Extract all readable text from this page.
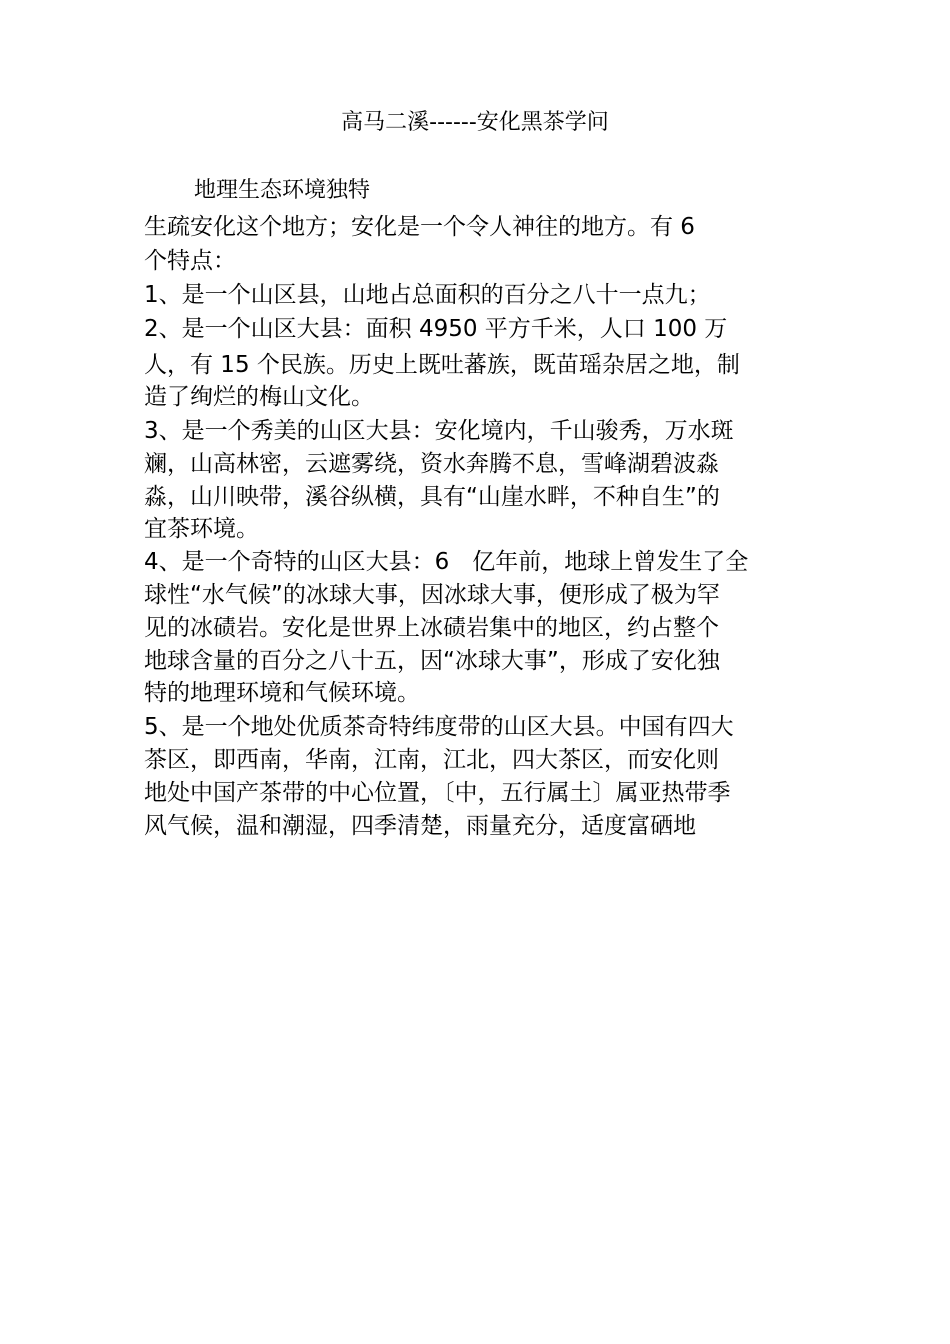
高马二溪------安化黑茶学问
地理生态环境独特
生疏安化这个地方；安化是一个令人神往的地方。有 6
个特点：
1、是一个山区县，山地占总面积的百分之八十一点九；
2、是一个山区大县：面积 4950 平方千米，人口 100 万
人，有 15 个民族。历史上既吐蕃族，既苗瑶杂居之地，制
造了绚烂的梅山文化。
3、是一个秀美的山区大县：安化境内，千山骏秀，万水斑
斓，山高林密，云遮雾绕，资水奔腾不息，雪峰湖碧波淼
淼，山川映带，溪谷纵横，具有“山崖水畔，不种自生”的
宜茶环境。
4、是一个奇特的山区大县：6　亿年前，地球上曾发生了全
球性“水气候”的冰球大事，因冰球大事，便形成了极为罕
见的冰碛岩。安化是世界上冰碛岩集中的地区，约占整个
地球含量的百分之八十五，因“冰球大事”，形成了安化独
特的地理环境和气候环境。
5、是一个地处优质茶奇特纬度带的山区大县。中国有四大
茶区，即西南，华南，江南，江北，四大茶区，而安化则
地处中国产茶带的中心位置，〔中，五行属土〕属亚热带季
风气候，温和潮湿，四季清楚，雨量充分，适度富硒地
